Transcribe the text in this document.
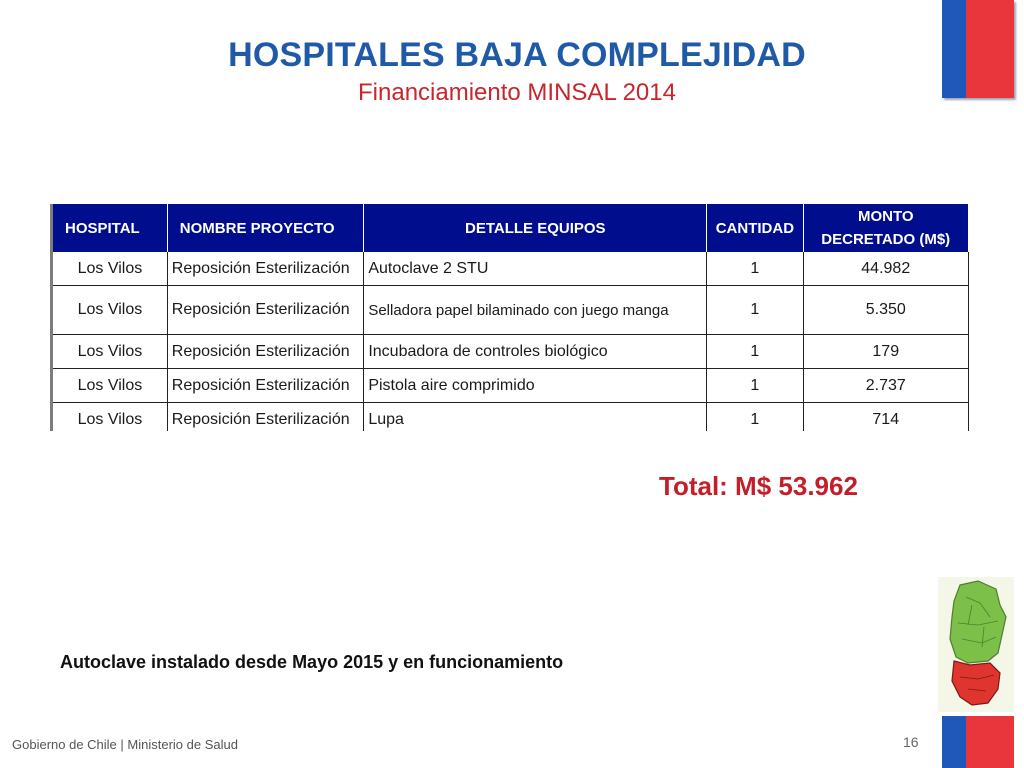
HOSPITALES BAJA COMPLEJIDAD
Financiamiento MINSAL 2014
HOSPITAL	NOMBRE PROYECTO	DETALLE EQUIPOS	CANTIDAD	MONTO
DECRETADO (M$)

Los Vilos	Reposición Esterilización	Autoclave 2 STU	1	44.982
Los Vilos	Reposición Esterilización	Selladora papel bilaminado con juego manga	1	5.350
Los Vilos	Reposición Esterilización	Incubadora de controles biológico	1	179
Los Vilos	Reposición Esterilización	Pistola aire comprimido	1	2.737
Los Vilos	Reposición Esterilización	Lupa	1	714
Total: M$ 53.962
Autoclave instalado desde Mayo 2015 y en funcionamiento
Gobierno de Chile | Ministerio de Salud	16
